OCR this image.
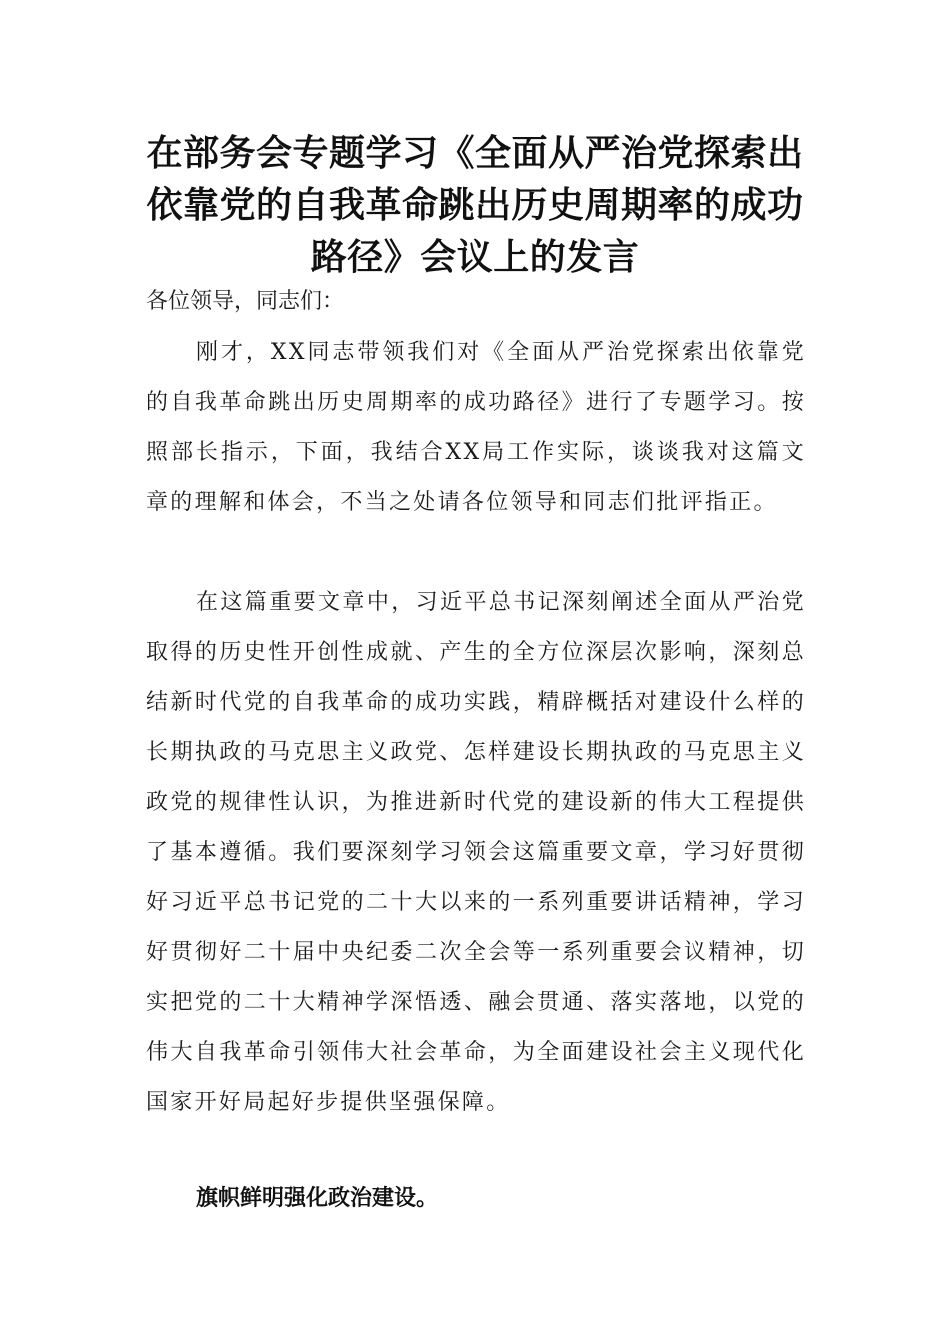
在部务会专题学习《全面从严治党探索出依靠党的自我革命跳出历史周期率的成功路径》会议上的发言

各位领导，同志们：

刚才，XX同志带领我们对《全面从严治党探索出依靠党的自我革命跳出历史周期率的成功路径》进行了专题学习。按照部长指示，下面，我结合XX局工作实际，谈谈我对这篇文章的理解和体会，不当之处请各位领导和同志们批评指正。

在这篇重要文章中，习近平总书记深刻阐述全面从严治党取得的历史性开创性成就、产生的全方位深层次影响，深刻总结新时代党的自我革命的成功实践，精辟概括对建设什么样的长期执政的马克思主义政党、怎样建设长期执政的马克思主义政党的规律性认识，为推进新时代党的建设新的伟大工程提供了基本遵循。我们要深刻学习领会这篇重要文章，学习好贯彻好习近平总书记党的二十大以来的一系列重要讲话精神，学习好贯彻好二十届中央纪委二次全会等一系列重要会议精神，切实把党的二十大精神学深悟透、融会贯通、落实落地，以党的伟大自我革命引领伟大社会革命，为全面建设社会主义现代化国家开好局起好步提供坚强保障。

旗帜鲜明强化政治建设。
